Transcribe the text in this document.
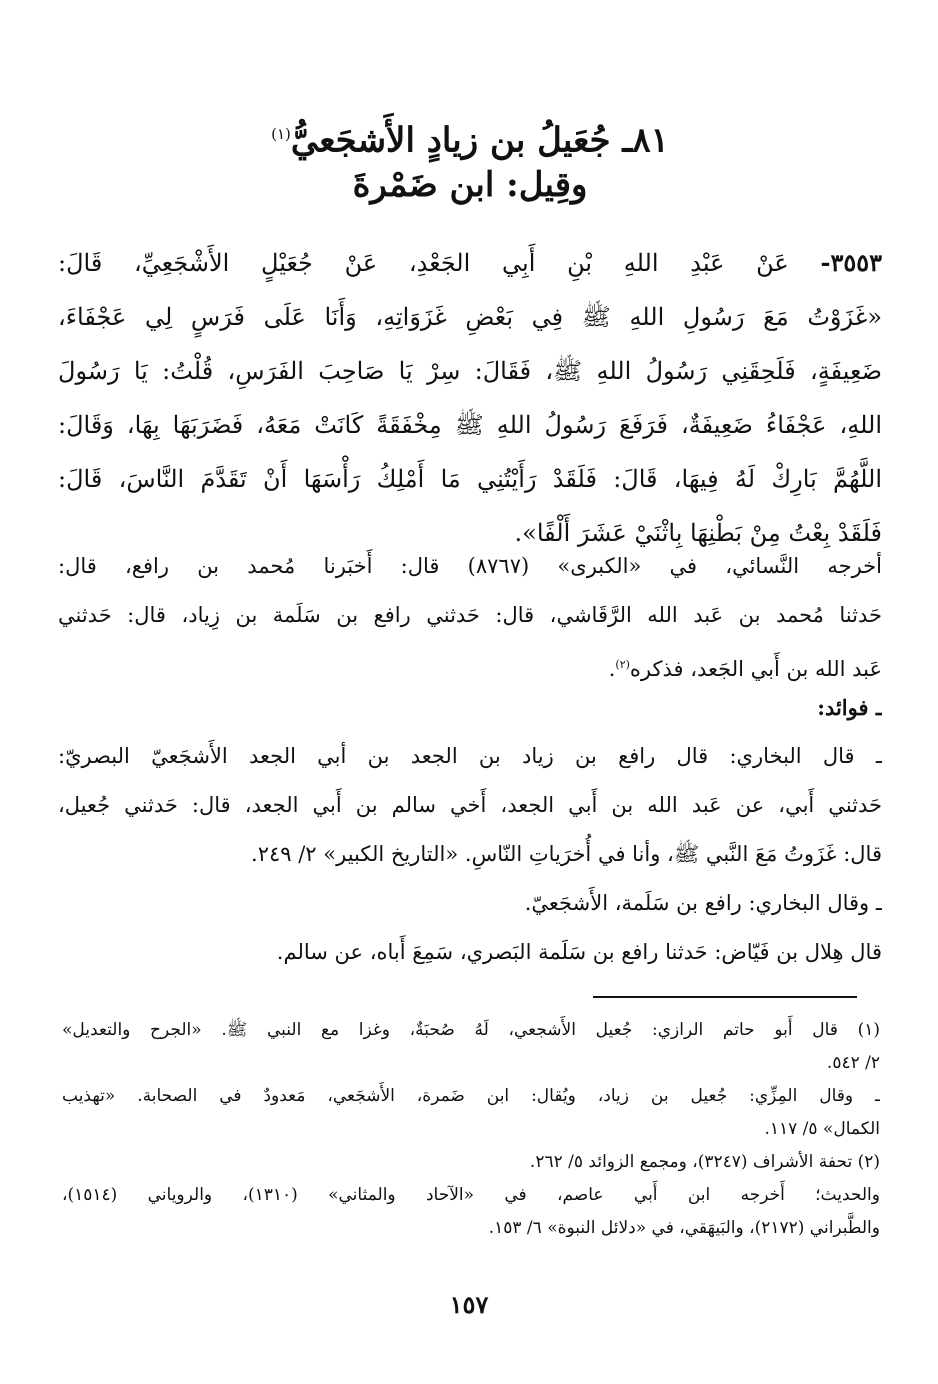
٨١ـ جُعَيلُ بن زيادٍ الأَشجَعيُّ$^{(١)}$
وقِيل: ابن ضَمْرةَ
٣٥٥٣- عَنْ عَبْدِ اللهِ بْنِ أَبِي الجَعْدِ، عَنْ جُعَيْلٍ الأَشْجَعِيِّ، قَالَ:
«غَزَوْتُ مَعَ رَسُولِ اللهِ ﷺ فِي بَعْضِ غَزَوَاتِهِ، وَأَنَا عَلَى فَرَسٍ لِي عَجْفَاءَ،
ضَعِيفَةٍ، فَلَحِقَنِي رَسُولُ اللهِ ﷺ، فَقَالَ: سِرْ يَا صَاحِبَ الفَرَسِ، قُلْتُ: يَا رَسُولَ
اللهِ، عَجْفَاءُ ضَعِيفَةٌ، فَرَفَعَ رَسُولُ اللهِ ﷺ مِخْفَقَةً كَانَتْ مَعَهُ، فَضَرَبَهَا بِهَا، وَقَالَ:
اللَّهُمَّ بَارِكْ لَهُ فِيهَا، قَالَ: فَلَقَدْ رَأَيْتُنِي مَا أَمْلِكُ رَأْسَهَا أَنْ تَقَدَّمَ النَّاسَ، قَالَ:
فَلَقَدْ بِعْتُ مِنْ بَطْنِهَا بِاثْنَيْ عَشَرَ أَلْفًا».
أخرجه النَّسائي، في «الكبرى» (٨٧٦٧) قال: أَخبَرنا مُحمد بن رافع، قال:
حَدثنا مُحمد بن عَبد الله الرَّقَاشي، قال: حَدثني رافع بن سَلَمة بن زِياد، قال: حَدثني
عَبد الله بن أَبي الجَعد، فذكره$^{(٢)}$.
ـ فوائد:
ـ قال البخاري: قال رافع بن زياد بن الجعد بن أبي الجعد الأَشجَعيّ البصريّ:
حَدثني أَبي، عن عَبد الله بن أَبي الجعد، أَخي سالم بن أَبي الجعد، قال: حَدثني جُعيل،
قال: غَزَوتُ مَعَ النَّبي ﷺ، وأنا في أُخرَياتِ النّاسِ. «التاريخ الكبير» ٢/ ٢٤٩.
ـ وقال البخاري: رافع بن سَلَمة، الأَشجَعيّ.
قال هِلال بن فَيّاض: حَدثنا رافع بن سَلَمة البَصري، سَمِعَ أَباه، عن سالم.
(١) قال أَبو حاتم الرازي: جُعيل الأَشجعي، لَهُ صُحبَةٌ، وغزا مع النبي ﷺ. «الجرح والتعديل»
٢/ ٥٤٢.
ـ وقال المِزِّي: جُعيل بن زياد، ويُقال: ابن ضَمرة، الأَشجَعي، مَعدودٌ في الصحابة. «تهذيب
الكمال» ٥/ ١١٧.
(٢) تحفة الأشراف (٣٢٤٧)، ومجمع الزوائد ٥/ ٢٦٢.
والحديث؛ أَخرجه ابن أَبي عاصم، في «الآحاد والمثاني» (١٣١٠)، والروياني (١٥١٤)،
والطَّبراني (٢١٧٢)، والبَيهَقي، في «دلائل النبوة» ٦/ ١٥٣.
١٥٧
